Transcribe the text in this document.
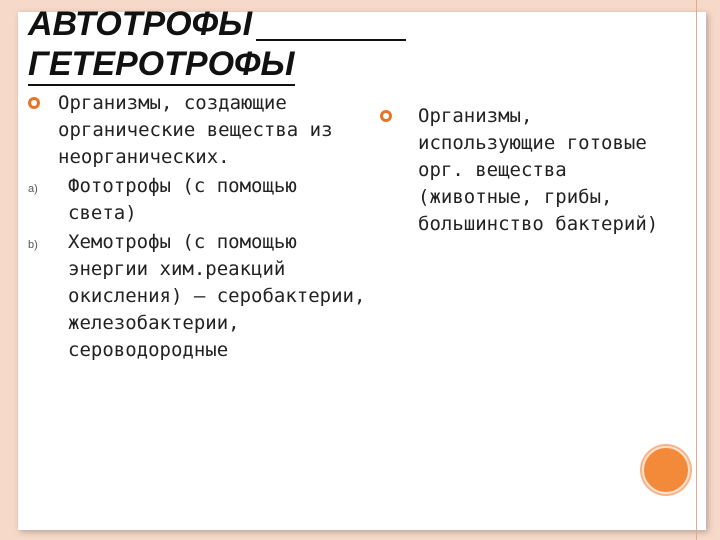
АВТОТРОФЫ
ГЕТЕРОТРОФЫ
Организмы, создающие органические вещества из неорганических.
a) Фототрофы (с помощью света)
b) Хемотрофы (с помощью энергии хим.реакций окисления) – серобактерии, железобактерии, сероводородные
Организмы, использующие готовые орг. вещества (животные, грибы, большинство бактерий)
